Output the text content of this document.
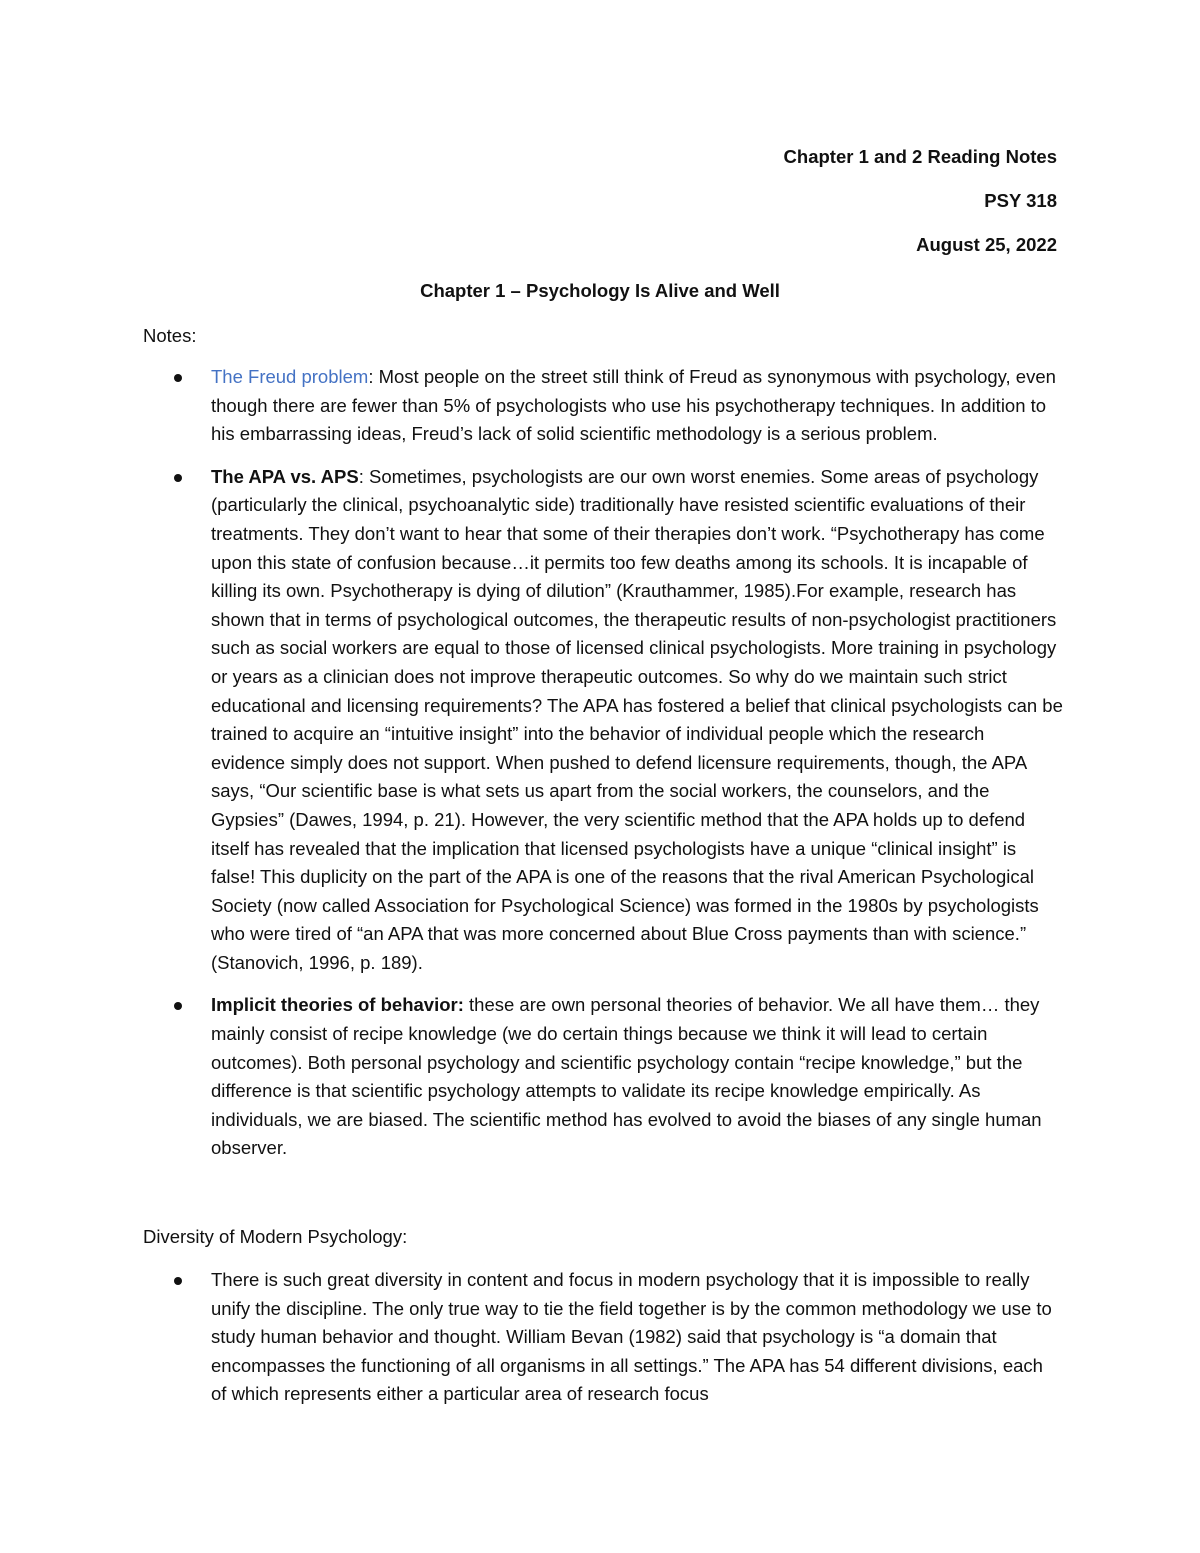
Chapter 1 and 2 Reading Notes
PSY 318
August 25, 2022
Chapter 1 – Psychology Is Alive and Well
Notes:
The Freud problem: Most people on the street still think of Freud as synonymous with psychology, even though there are fewer than 5% of psychologists who use his psychotherapy techniques. In addition to his embarrassing ideas, Freud’s lack of solid scientific methodology is a serious problem.
The APA vs. APS: Sometimes, psychologists are our own worst enemies. Some areas of psychology (particularly the clinical, psychoanalytic side) traditionally have resisted scientific evaluations of their treatments. They don’t want to hear that some of their therapies don’t work. “Psychotherapy has come upon this state of confusion because…it permits too few deaths among its schools. It is incapable of killing its own. Psychotherapy is dying of dilution” (Krauthammer, 1985).For example, research has shown that in terms of psychological outcomes, the therapeutic results of non-psychologist practitioners such as social workers are equal to those of licensed clinical psychologists. More training in psychology or years as a clinician does not improve therapeutic outcomes. So why do we maintain such strict educational and licensing requirements? The APA has fostered a belief that clinical psychologists can be trained to acquire an “intuitive insight” into the behavior of individual people which the research evidence simply does not support. When pushed to defend licensure requirements, though, the APA says, “Our scientific base is what sets us apart from the social workers, the counselors, and the Gypsies” (Dawes, 1994, p. 21). However, the very scientific method that the APA holds up to defend itself has revealed that the implication that licensed psychologists have a unique “clinical insight” is false! This duplicity on the part of the APA is one of the reasons that the rival American Psychological Society (now called Association for Psychological Science) was formed in the 1980s by psychologists who were tired of “an APA that was more concerned about Blue Cross payments than with science.” (Stanovich, 1996, p. 189).
Implicit theories of behavior: these are own personal theories of behavior. We all have them… they mainly consist of recipe knowledge (we do certain things because we think it will lead to certain outcomes). Both personal psychology and scientific psychology contain “recipe knowledge,” but the difference is that scientific psychology attempts to validate its recipe knowledge empirically. As individuals, we are biased. The scientific method has evolved to avoid the biases of any single human observer.
Diversity of Modern Psychology:
There is such great diversity in content and focus in modern psychology that it is impossible to really unify the discipline. The only true way to tie the field together is by the common methodology we use to study human behavior and thought. William Bevan (1982) said that psychology is “a domain that encompasses the functioning of all organisms in all settings.” The APA has 54 different divisions, each of which represents either a particular area of research focus
